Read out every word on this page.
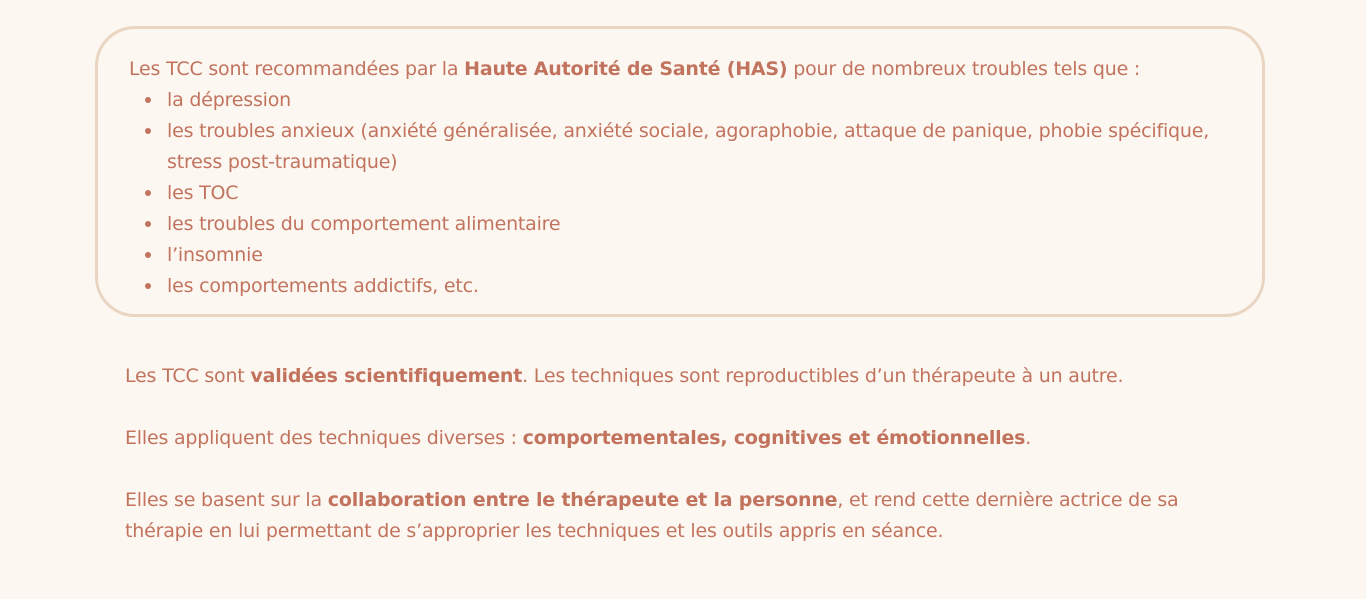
Les TCC sont recommandées par la Haute Autorité de Santé (HAS) pour de nombreux troubles tels que :
la dépression
les troubles anxieux (anxiété généralisée, anxiété sociale, agoraphobie, attaque de panique, phobie spécifique, stress post-traumatique)
les TOC
les troubles du comportement alimentaire
l’insomnie
les comportements addictifs, etc.

Les TCC sont validées scientifiquement. Les techniques sont reproductibles d’un thérapeute à un autre.

Elles appliquent des techniques diverses : comportementales, cognitives et émotionnelles.

Elles se basent sur la collaboration entre le thérapeute et la personne, et rend cette dernière actrice de sa thérapie en lui permettant de s’approprier les techniques et les outils appris en séance.
